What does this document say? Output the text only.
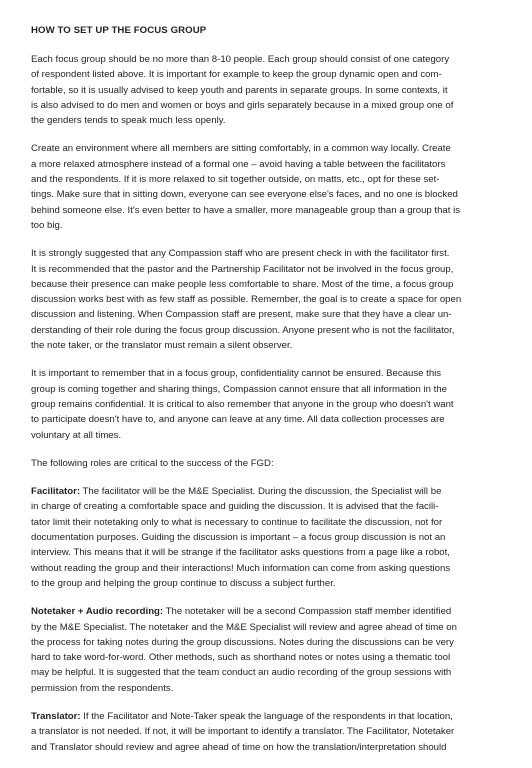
HOW TO SET UP THE FOCUS GROUP
Each focus group should be no more than 8-10 people. Each group should consist of one category
of respondent listed above. It is important for example to keep the group dynamic open and com-
fortable, so it is usually advised to keep youth and parents in separate groups. In some contexts, it
is also advised to do men and women or boys and girls separately because in a mixed group one of
the genders tends to speak much less openly.
Create an environment where all members are sitting comfortably, in a common way locally. Create
a more relaxed atmosphere instead of a formal one – avoid having a table between the facilitators
and the respondents. If it is more relaxed to sit together outside, on matts, etc., opt for these set-
tings. Make sure that in sitting down, everyone can see everyone else's faces, and no one is blocked
behind someone else. It's even better to have a smaller, more manageable group than a group that is
too big.
It is strongly suggested that any Compassion staff who are present check in with the facilitator first.
It is recommended that the pastor and the Partnership Facilitator not be involved in the focus group,
because their presence can make people less comfortable to share. Most of the time, a focus group
discussion works best with as few staff as possible. Remember, the goal is to create a space for open
discussion and listening. When Compassion staff are present, make sure that they have a clear un-
derstanding of their role during the focus group discussion. Anyone present who is not the facilitator,
the note taker, or the translator must remain a silent observer.
It is important to remember that in a focus group, confidentiality cannot be ensured. Because this
group is coming together and sharing things, Compassion cannot ensure that all information in the
group remains confidential. It is critical to also remember that anyone in the group who doesn't want
to participate doesn't have to, and anyone can leave at any time. All data collection processes are
voluntary at all times.
The following roles are critical to the success of the FGD:
Facilitator: The facilitator will be the M&E Specialist. During the discussion, the Specialist will be
in charge of creating a comfortable space and guiding the discussion. It is advised that the facili-
tator limit their notetaking only to what is necessary to continue to facilitate the discussion, not for
documentation purposes. Guiding the discussion is important – a focus group discussion is not an
interview. This means that it will be strange if the facilitator asks questions from a page like a robot,
without reading the group and their interactions! Much information can come from asking questions
to the group and helping the group continue to discuss a subject further.
Notetaker + Audio recording: The notetaker will be a second Compassion staff member identified
by the M&E Specialist. The notetaker and the M&E Specialist will review and agree ahead of time on
the process for taking notes during the group discussions. Notes during the discussions can be very
hard to take word-for-word. Other methods, such as shorthand notes or notes using a thematic tool
may be helpful. It is suggested that the team conduct an audio recording of the group sessions with
permission from the respondents.
Translator: If the Facilitator and Note-Taker speak the language of the respondents in that location,
a translator is not needed. If not, it will be important to identify a translator. The Facilitator, Notetaker
and Translator should review and agree ahead of time on how the translation/interpretation should
